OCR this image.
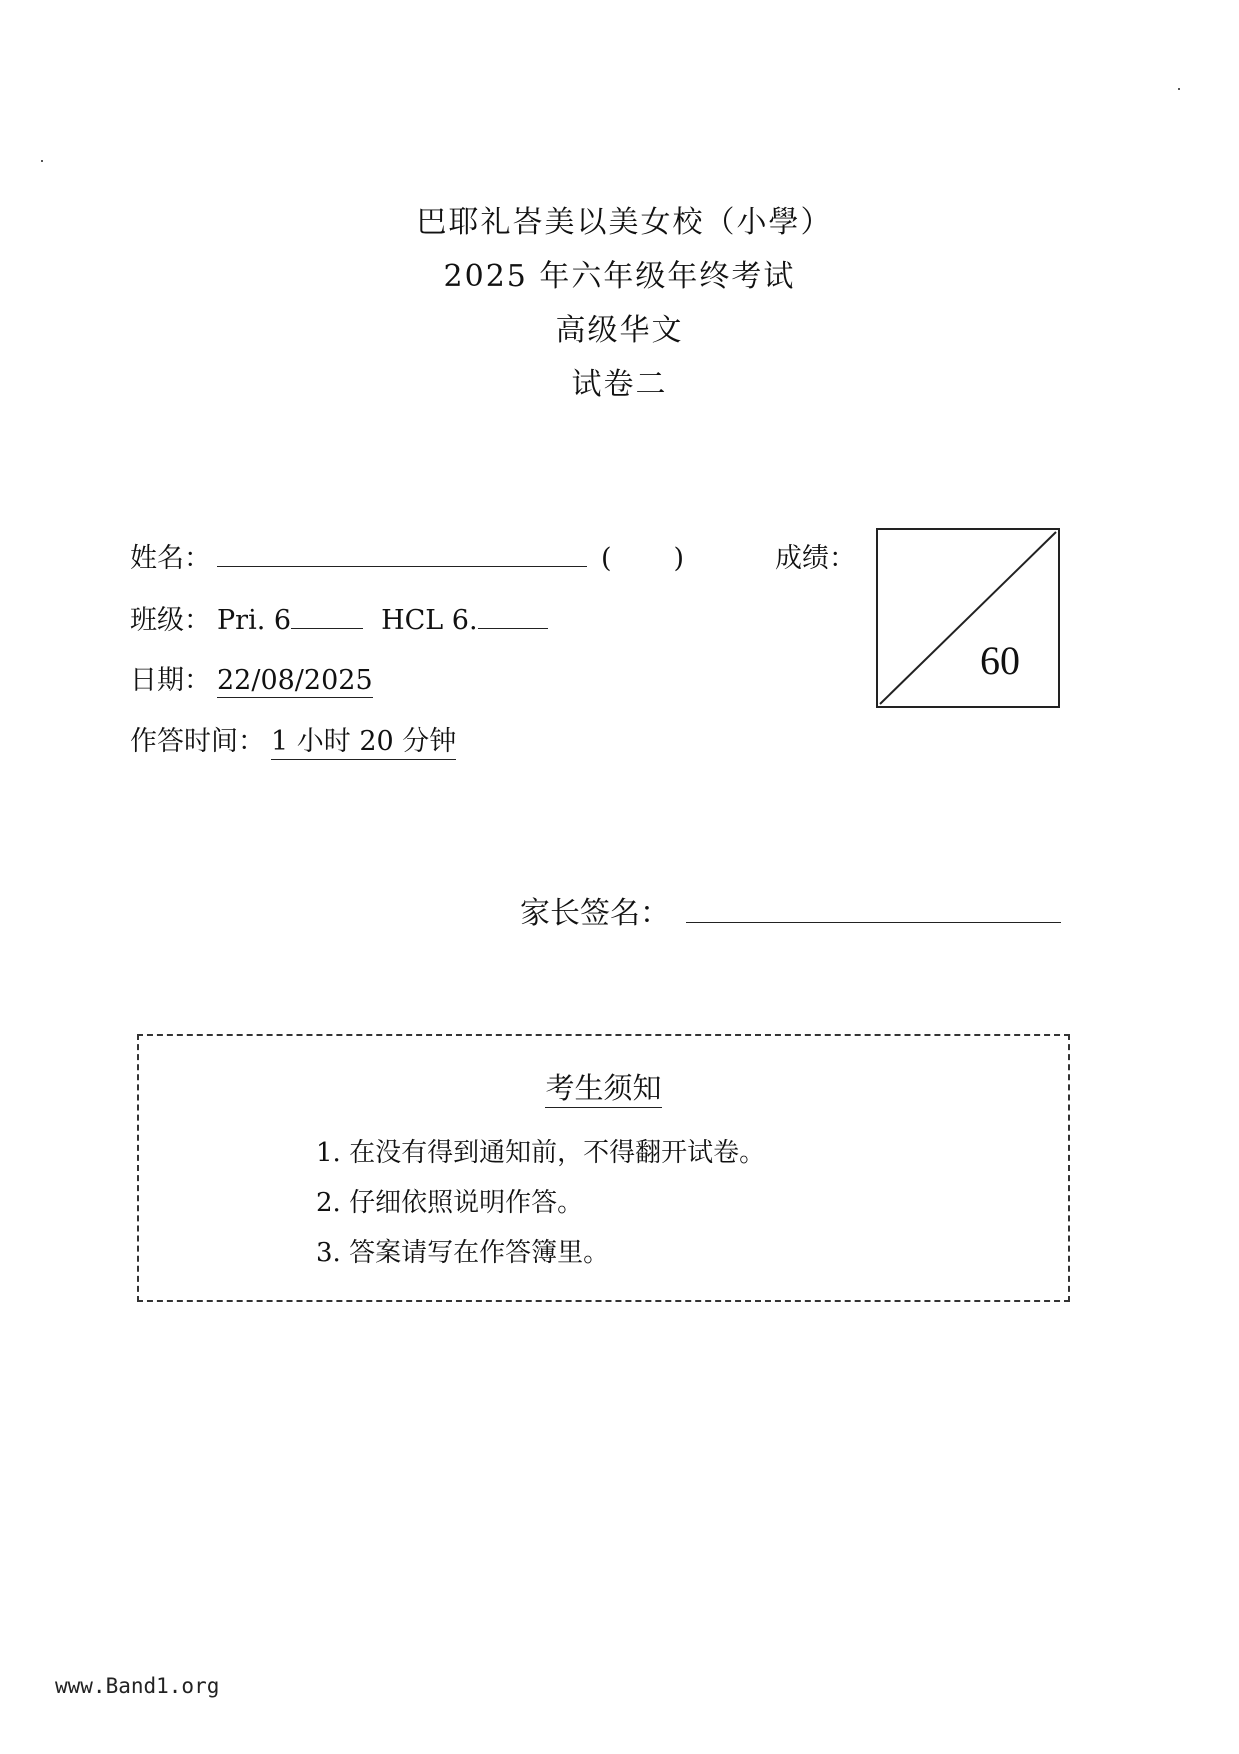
巴耶礼峇美以美女校（小學）
2025 年六年级年终考试
高级华文
试卷二
姓名：	( )
班级： Pri. 6	HCL 6.
日期： 22/08/2025
作答时间： 1 小时 20 分钟
成绩：
60
家长签名：
考生须知
1. 在没有得到通知前，不得翻开试卷。
2. 仔细依照说明作答。
3. 答案请写在作答簿里。
www.Band1.org
